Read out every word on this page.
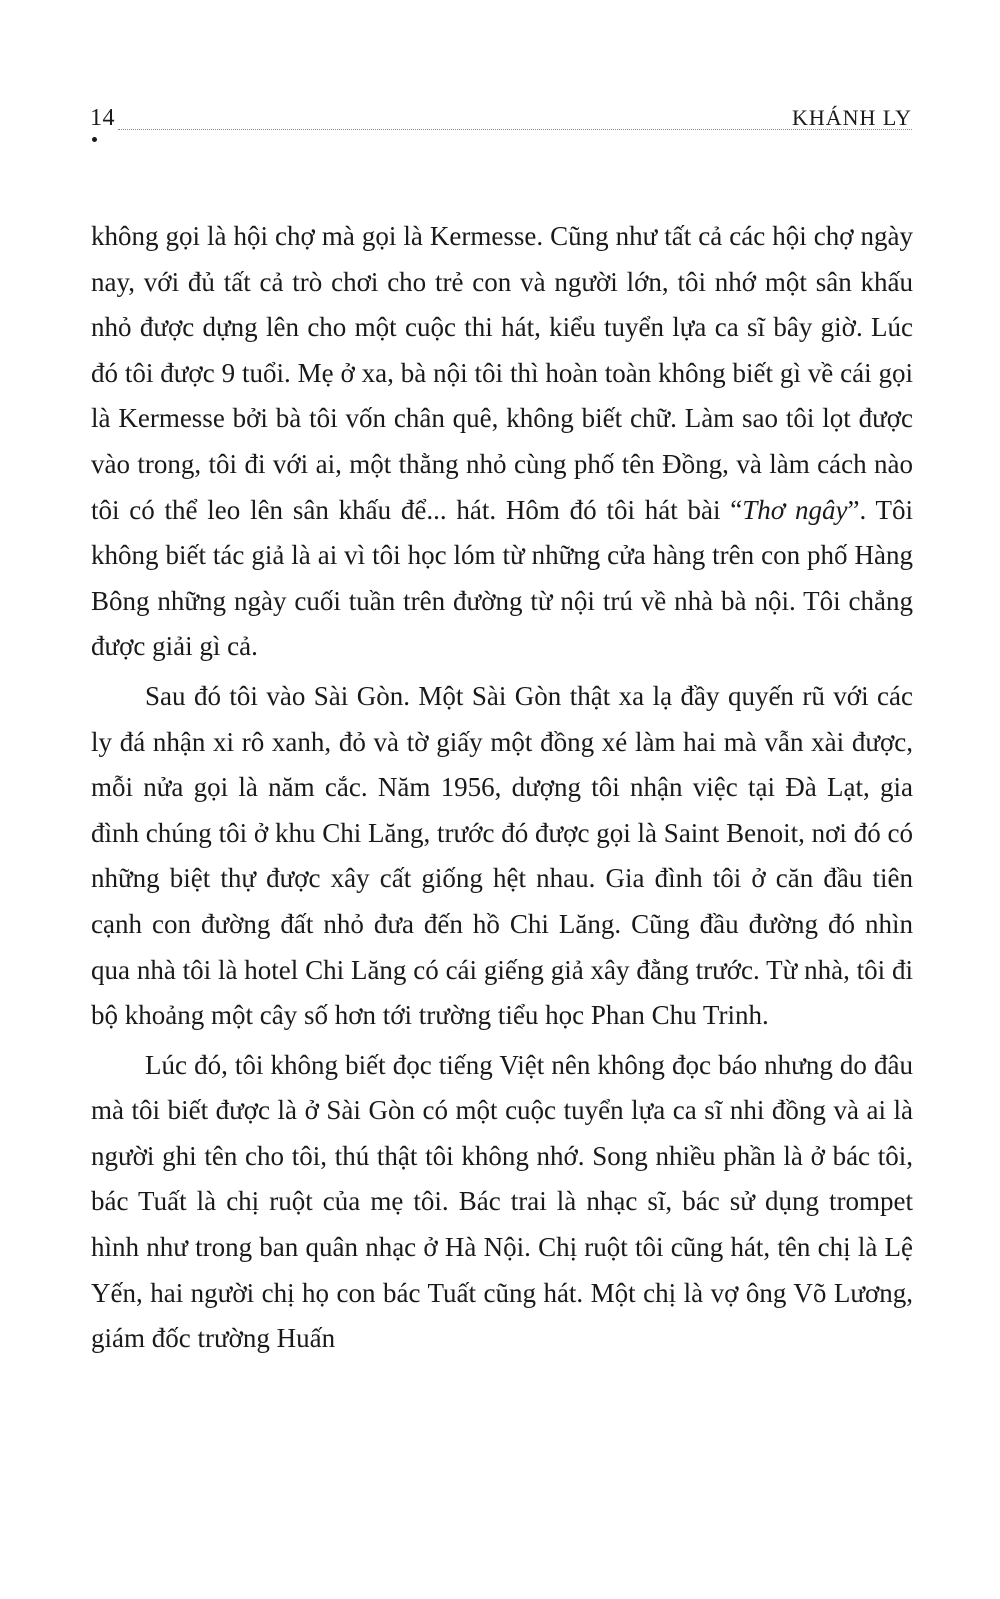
14	KHÁNH LY

không gọi là hội chợ mà gọi là Kermesse. Cũng như tất cả các hội chợ ngày nay, với đủ tất cả trò chơi cho trẻ con và người lớn, tôi nhớ một sân khấu nhỏ được dựng lên cho một cuộc thi hát, kiểu tuyển lựa ca sĩ bây giờ. Lúc đó tôi được 9 tuổi. Mẹ ở xa, bà nội tôi thì hoàn toàn không biết gì về cái gọi là Kermesse bởi bà tôi vốn chân quê, không biết chữ. Làm sao tôi lọt được vào trong, tôi đi với ai, một thằng nhỏ cùng phố tên Đồng, và làm cách nào tôi có thể leo lên sân khấu để... hát. Hôm đó tôi hát bài “Thơ ngây”. Tôi không biết tác giả là ai vì tôi học lóm từ những cửa hàng trên con phố Hàng Bông những ngày cuối tuần trên đường từ nội trú về nhà bà nội. Tôi chẳng được giải gì cả.

Sau đó tôi vào Sài Gòn. Một Sài Gòn thật xa lạ đầy quyến rũ với các ly đá nhận xi rô xanh, đỏ và tờ giấy một đồng xé làm hai mà vẫn xài được, mỗi nửa gọi là năm cắc. Năm 1956, dượng tôi nhận việc tại Đà Lạt, gia đình chúng tôi ở khu Chi Lăng, trước đó được gọi là Saint Benoit, nơi đó có những biệt thự được xây cất giống hệt nhau. Gia đình tôi ở căn đầu tiên cạnh con đường đất nhỏ đưa đến hồ Chi Lăng. Cũng đầu đường đó nhìn qua nhà tôi là hotel Chi Lăng có cái giếng giả xây đằng trước. Từ nhà, tôi đi bộ khoảng một cây số hơn tới trường tiểu học Phan Chu Trinh.

Lúc đó, tôi không biết đọc tiếng Việt nên không đọc báo nhưng do đâu mà tôi biết được là ở Sài Gòn có một cuộc tuyển lựa ca sĩ nhi đồng và ai là người ghi tên cho tôi, thú thật tôi không nhớ. Song nhiều phần là ở bác tôi, bác Tuất là chị ruột của mẹ tôi. Bác trai là nhạc sĩ, bác sử dụng trompet hình như trong ban quân nhạc ở Hà Nội. Chị ruột tôi cũng hát, tên chị là Lệ Yến, hai người chị họ con bác Tuất cũng hát. Một chị là vợ ông Võ Lương, giám đốc trường Huấn
